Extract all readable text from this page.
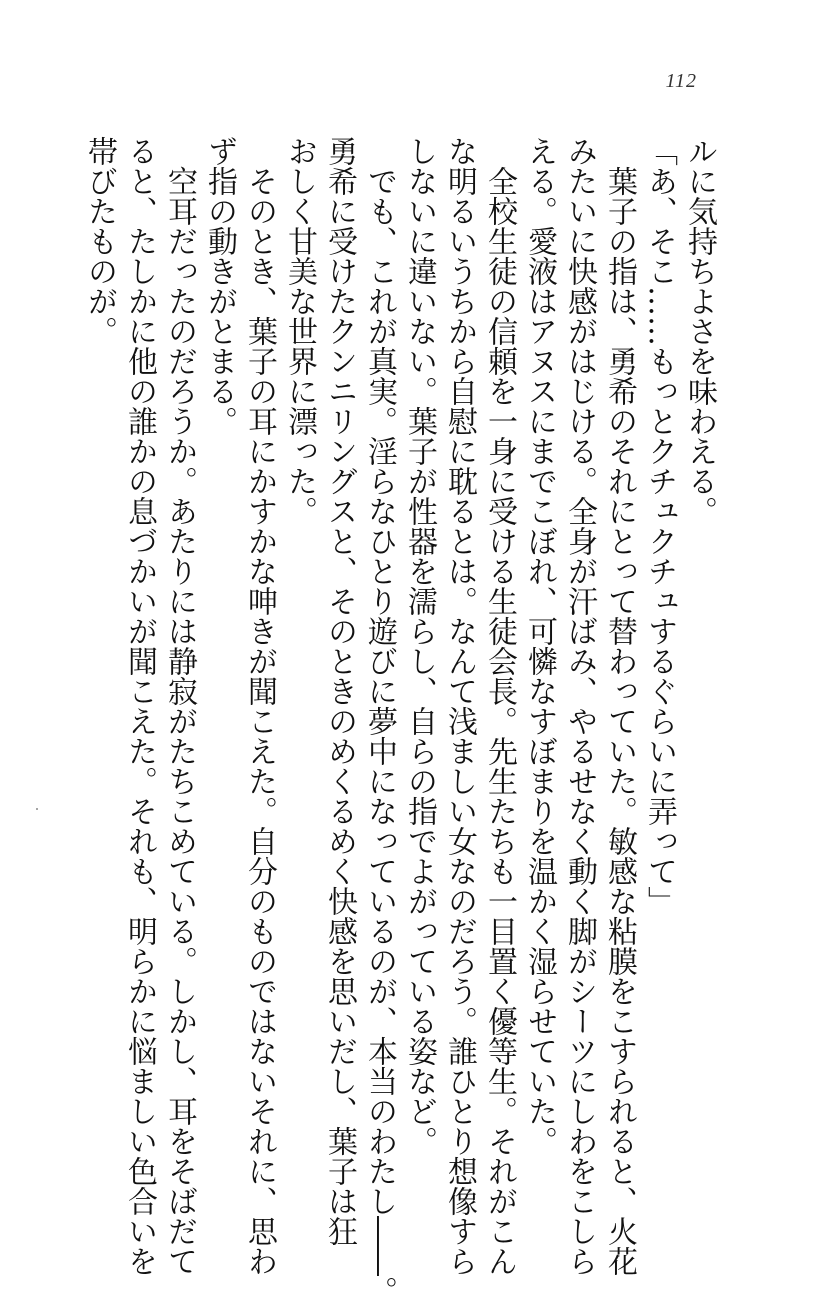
112
ルに気持ちよさを味わえる。
「あ、そこ……もっとクチュクチュするぐらいに弄って」
　葉子の指は、勇希のそれにとって替わっていた。敏感な粘膜をこすられると、火花
みたいに快感がはじける。全身が汗ばみ、やるせなく動く脚がシーツにしわをこしら
える。愛液はアヌスにまでこぼれ、可憐なすぼまりを温かく湿らせていた。
　全校生徒の信頼を一身に受ける生徒会長。先生たちも一目置く優等生。それがこん
な明るいうちから自慰に耽るとは。なんて浅ましい女なのだろう。誰ひとり想像すら
しないに違いない。葉子が性器を濡らし、自らの指でよがっている姿など。
　でも、これが真実。淫らなひとり遊びに夢中になっているのが、本当のわたし――。
勇希に受けたクンニリングスと、そのときのめくるめく快感を思いだし、葉子は狂
おしく甘美な世界に漂った。
　そのとき、葉子の耳にかすかな呻きが聞こえた。自分のものではないそれに、思わ
ず指の動きがとまる。
　空耳だったのだろうか。あたりには静寂がたちこめている。しかし、耳をそばだて
ると、たしかに他の誰かの息づかいが聞こえた。それも、明らかに悩ましい色合いを
帯びたものが。
